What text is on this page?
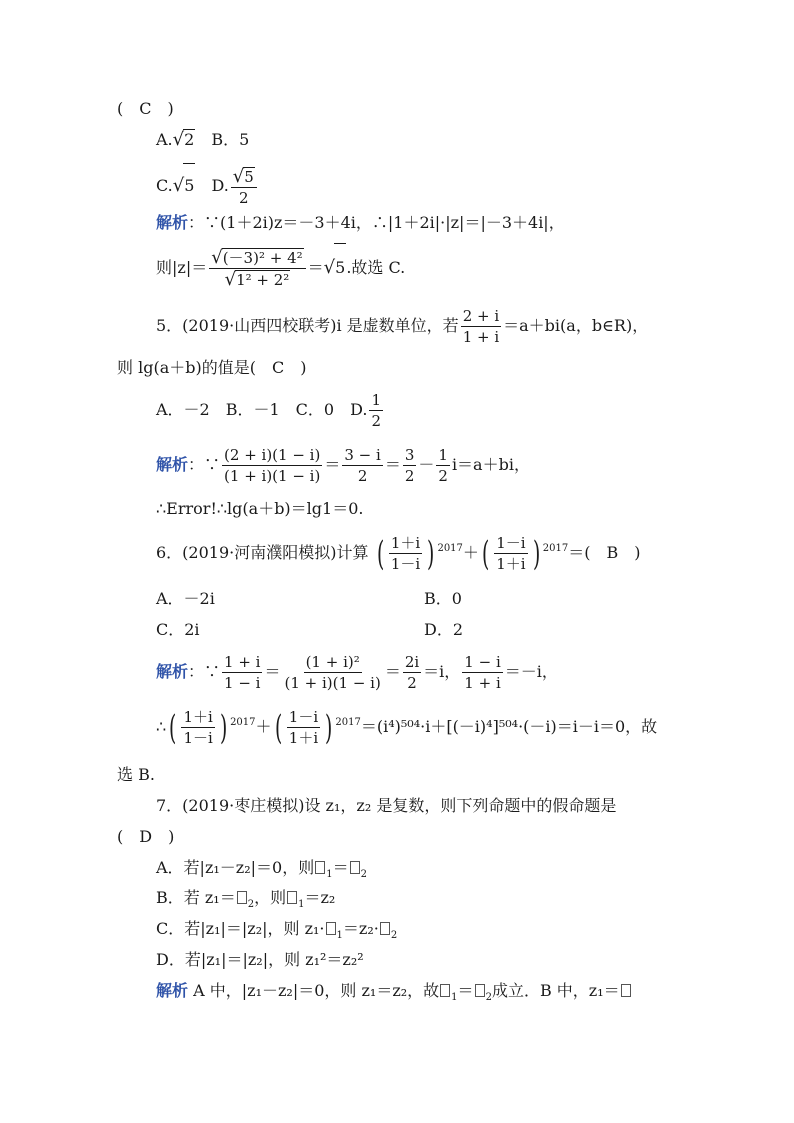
(　C　)
A.√2　 B．5
C.√5　 D. $\frac{√5}{2}$
解析：∵(1＋2i)z＝－3＋4i，∴|1＋2i|·|z|＝|－3＋4i|，
则$|z|= \frac{\text{√(－3)² + 4²}}{\text{√1² + 2²}} =√5$.故选 C.
5．(2019·山西四校联考)i 是虚数单位，若 $\frac{2 + i}{1 + i} =a+bi(a$，b∈R)，
则 lg(a＋b)的值是(　C　)
A．－2　B．－1　C．0　D. $\frac{1}{2}$
解析：∵ $\frac{(2 + i)(1 - i)}{(1 + i)(1 - i)} = \frac{3 - i}{2} = \frac{3}{2} - \frac{1}{2} i=a+bi$，
∴Error!∴lg(a＋b)＝lg1＝0.
6．(2019·河南濮阳模拟)计算 ( $\frac{1+i}{1-i}$ ) $^{2017}$＋ ( $\frac{1-i}{1+i}$ ) $^{2017}$＝(　B　)
A．－2i	B．0
C．2i	D．2
解析：∵ $\frac{1 + i}{1 - i} = \frac{\text{(1 + i)²}}{(1 + i)(1 - i)} = \frac{2i}{2} =i$， $\frac{1 - i}{1 + i} =-i$，
∴ ( $\frac{1+i}{1-i}$ ) $^{2017}$＋ ( $\frac{1-i}{1+i}$ ) $^{2017}$＝(i⁴)⁵⁰⁴·i＋[(－i)⁴]⁵⁰⁴·(－i)＝i－i＝0，故
选 B.
7．(2019·枣庄模拟)设 z₁，z₂ 是复数，则下列命题中的假命题是
(　D　)
A．若|z₁－z₂|＝0，则 $_1$＝ $_2$
B．若 z₁＝ $_2$，则 $_1$＝z₂
C．若|z₁|＝|z₂|，则 z₁· $_1$＝z₂· $_2$
D．若|z₁|＝|z₂|，则 z₁²＝z₂²
解析 A 中，|z₁－z₂|＝0，则 z₁＝z₂，故 $_1$＝ $_2$成立．B 中，z₁＝
